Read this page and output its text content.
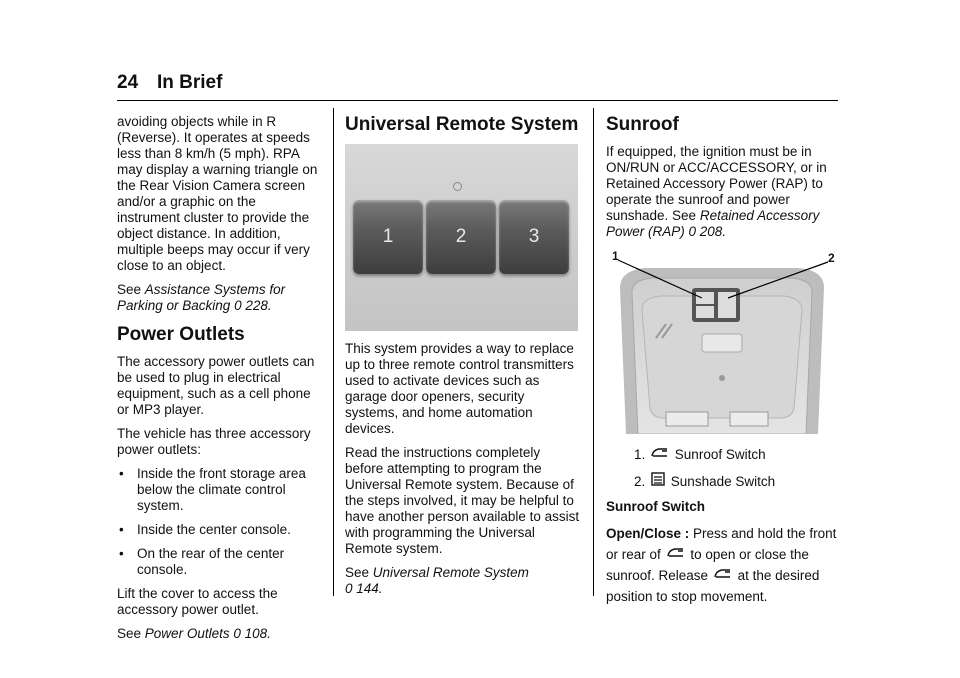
24 In Brief

avoiding objects while in R (Reverse). It operates at speeds less than 8 km/h (5 mph). RPA may display a warning triangle on the Rear Vision Camera screen and/or a graphic on the instrument cluster to provide the object distance. In addition, multiple beeps may occur if very close to an object.

See Assistance Systems for Parking or Backing 0 228.

Power Outlets

The accessory power outlets can be used to plug in electrical equipment, such as a cell phone or MP3 player.

The vehicle has three accessory power outlets:

• Inside the front storage area below the climate control system.
• Inside the center console.
• On the rear of the center console.

Lift the cover to access the accessory power outlet.

See Power Outlets 0 108.

Universal Remote System
1	2	3

This system provides a way to replace up to three remote control transmitters used to activate devices such as garage door openers, security systems, and home automation devices.

Read the instructions completely before attempting to program the Universal Remote system. Because of the steps involved, it may be helpful to have another person available to assist with programming the Universal Remote system.

See Universal Remote System
0 144.

Sunroof

If equipped, the ignition must be in ON/RUN or ACC/ACCESSORY, or in Retained Accessory Power (RAP) to operate the sunroof and power sunshade. See Retained Accessory Power (RAP) 0 208.

1	2
1. Sunroof Switch
2. Sunshade Switch
Sunroof Switch

Open/Close : Press and hold the front or rear of to open or close the sunroof. Release at the desired position to stop movement.
